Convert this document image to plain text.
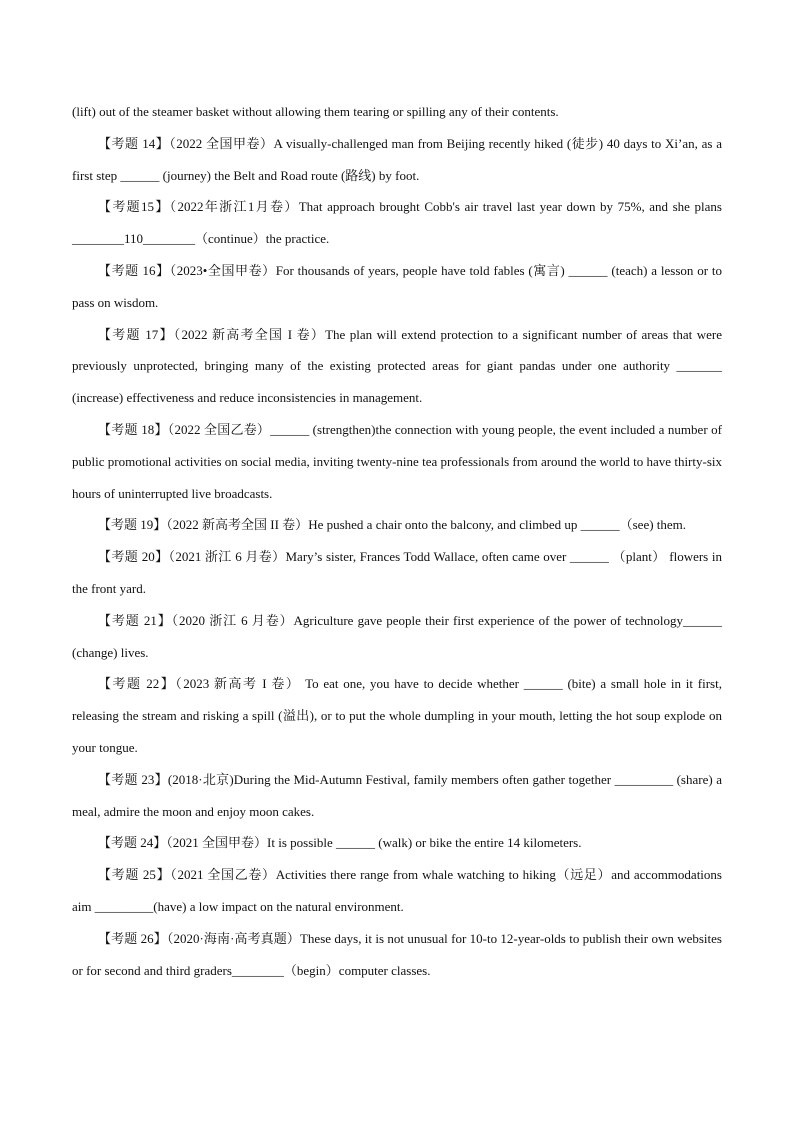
(lift) out of the steamer basket without allowing them tearing or spilling any of their contents.

【考题 14】（2022 全国甲卷）A visually-challenged man from Beijing recently hiked (徒步) 40 days to Xi’an, as a first step ______ (journey) the Belt and Road route (路线) by foot.

【考题15】（2022年浙江1月卷）That approach brought Cobb's air travel last year down by 75%, and she plans ________110________（continue）the practice.

【考题 16】（2023•全国甲卷）For thousands of years, people have told fables (寓言) ______ (teach) a lesson or to pass on wisdom.

【考题 17】（2022 新高考全国 I 卷）The plan will extend protection to a significant number of areas that were previously unprotected, bringing many of the existing protected areas for giant pandas under one authority _______ (increase) effectiveness and reduce inconsistencies in management.

【考题 18】（2022 全国乙卷）______ (strengthen)the connection with young people, the event included a number of public promotional activities on social media, inviting twenty-nine tea professionals from around the world to have thirty-six hours of uninterrupted live broadcasts.

【考题 19】（2022 新高考全国 II 卷）He pushed a chair onto the balcony, and climbed up ______（see) them.

【考题 20】（2021 浙江 6 月卷）Mary’s sister, Frances Todd Wallace, often came over ______ （plant） flowers in the front yard.

【考题 21】（2020 浙江 6 月卷）Agriculture gave people their first experience of the power of technology______ (change) lives.

【考题 22】（2023 新高考 I 卷） To eat one, you have to decide whether ______ (bite) a small hole in it first, releasing the stream and risking a spill (溢出), or to put the whole dumpling in your mouth, letting the hot soup explode on your tongue.

【考题 23】(2018·北京)During the Mid-Autumn Festival, family members often gather together _________ (share) a meal, admire the moon and enjoy moon cakes.

【考题 24】（2021 全国甲卷）It is possible ______ (walk) or bike the entire 14 kilometers.

【考题 25】（2021 全国乙卷）Activities there range from whale watching to hiking（远足）and accommodations aim _________(have) a low impact on the natural environment.

【考题 26】（2020·海南·高考真题）These days, it is not unusual for 10-to 12-year-olds to publish their own websites or for second and third graders________（begin）computer classes.
